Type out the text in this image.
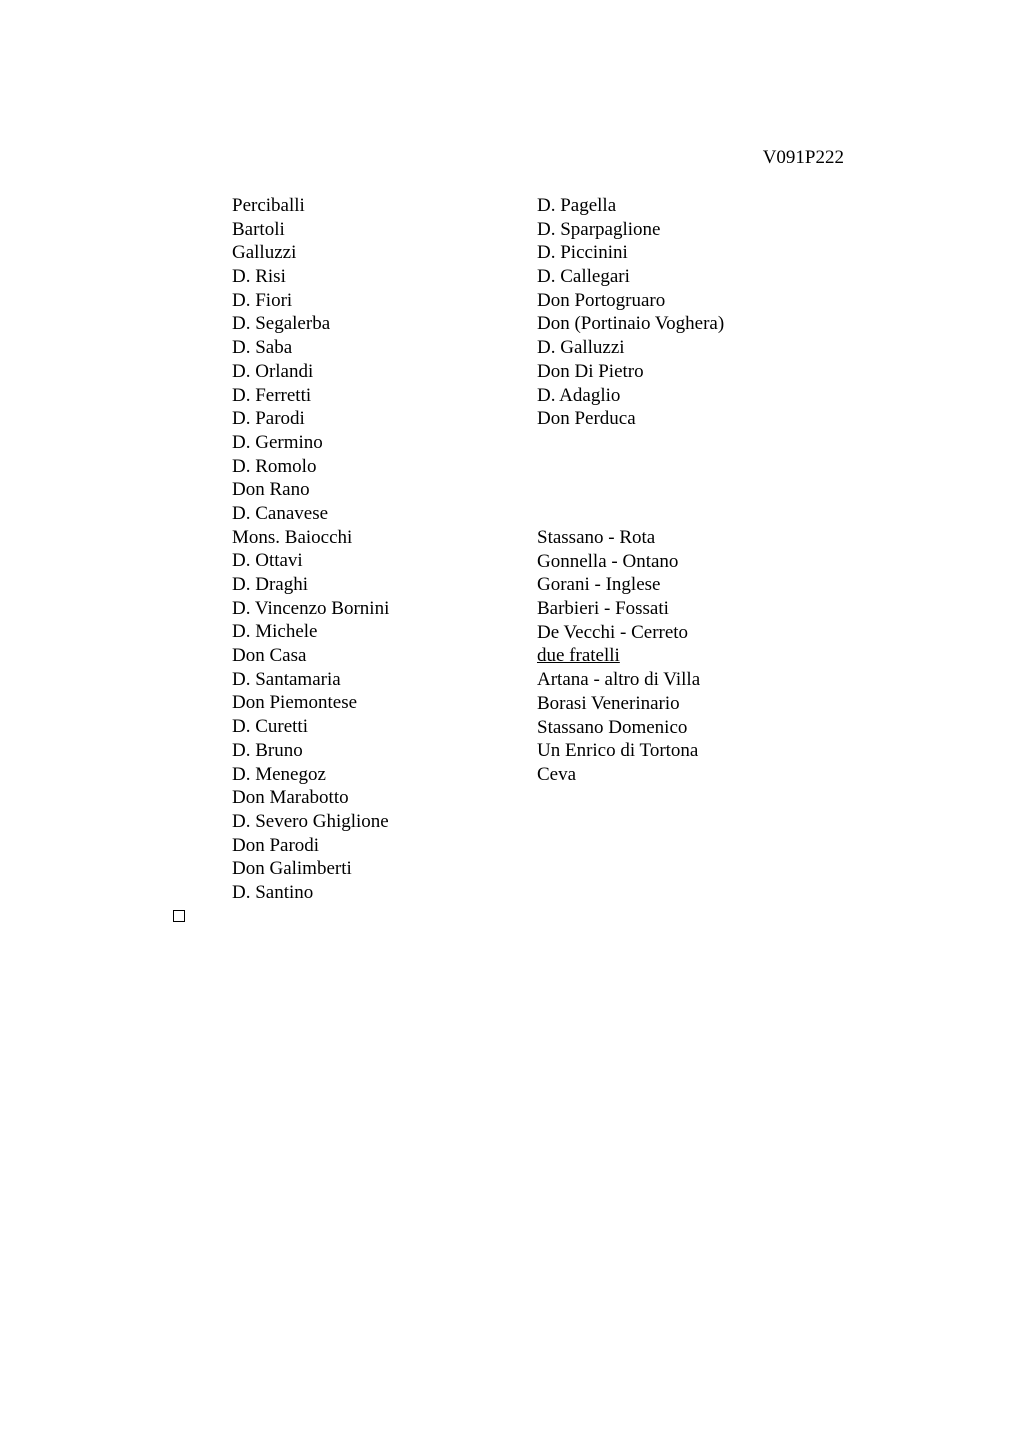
V091P222
Perciballi
Bartoli
Galluzzi
D. Risi
D. Fiori
D. Segalerba
D. Saba
D. Orlandi
D. Ferretti
D. Parodi
D. Germino
D. Romolo
Don Rano
D. Canavese
Mons. Baiocchi
D. Ottavi
D. Draghi
D. Vincenzo Bornini
D. Michele
Don Casa
D. Santamaria
Don Piemontese
D. Curetti
D. Bruno
D. Menegoz
Don Marabotto
D. Severo Ghiglione
Don Parodi
Don Galimberti
D. Santino
D. Pagella
D. Sparpaglione
D. Piccinini
D. Callegari
Don Portogruaro
Don (Portinaio Voghera)
D. Galluzzi
Don Di Pietro
D. Adaglio
Don Perduca
Stassano - Rota
Gonnella - Ontano
Gorani - Inglese
Barbieri - Fossati
De Vecchi - Cerreto
due fratelli
Artana - altro di Villa
Borasi Venerinario
Stassano Domenico
Un Enrico di Tortona
Ceva
